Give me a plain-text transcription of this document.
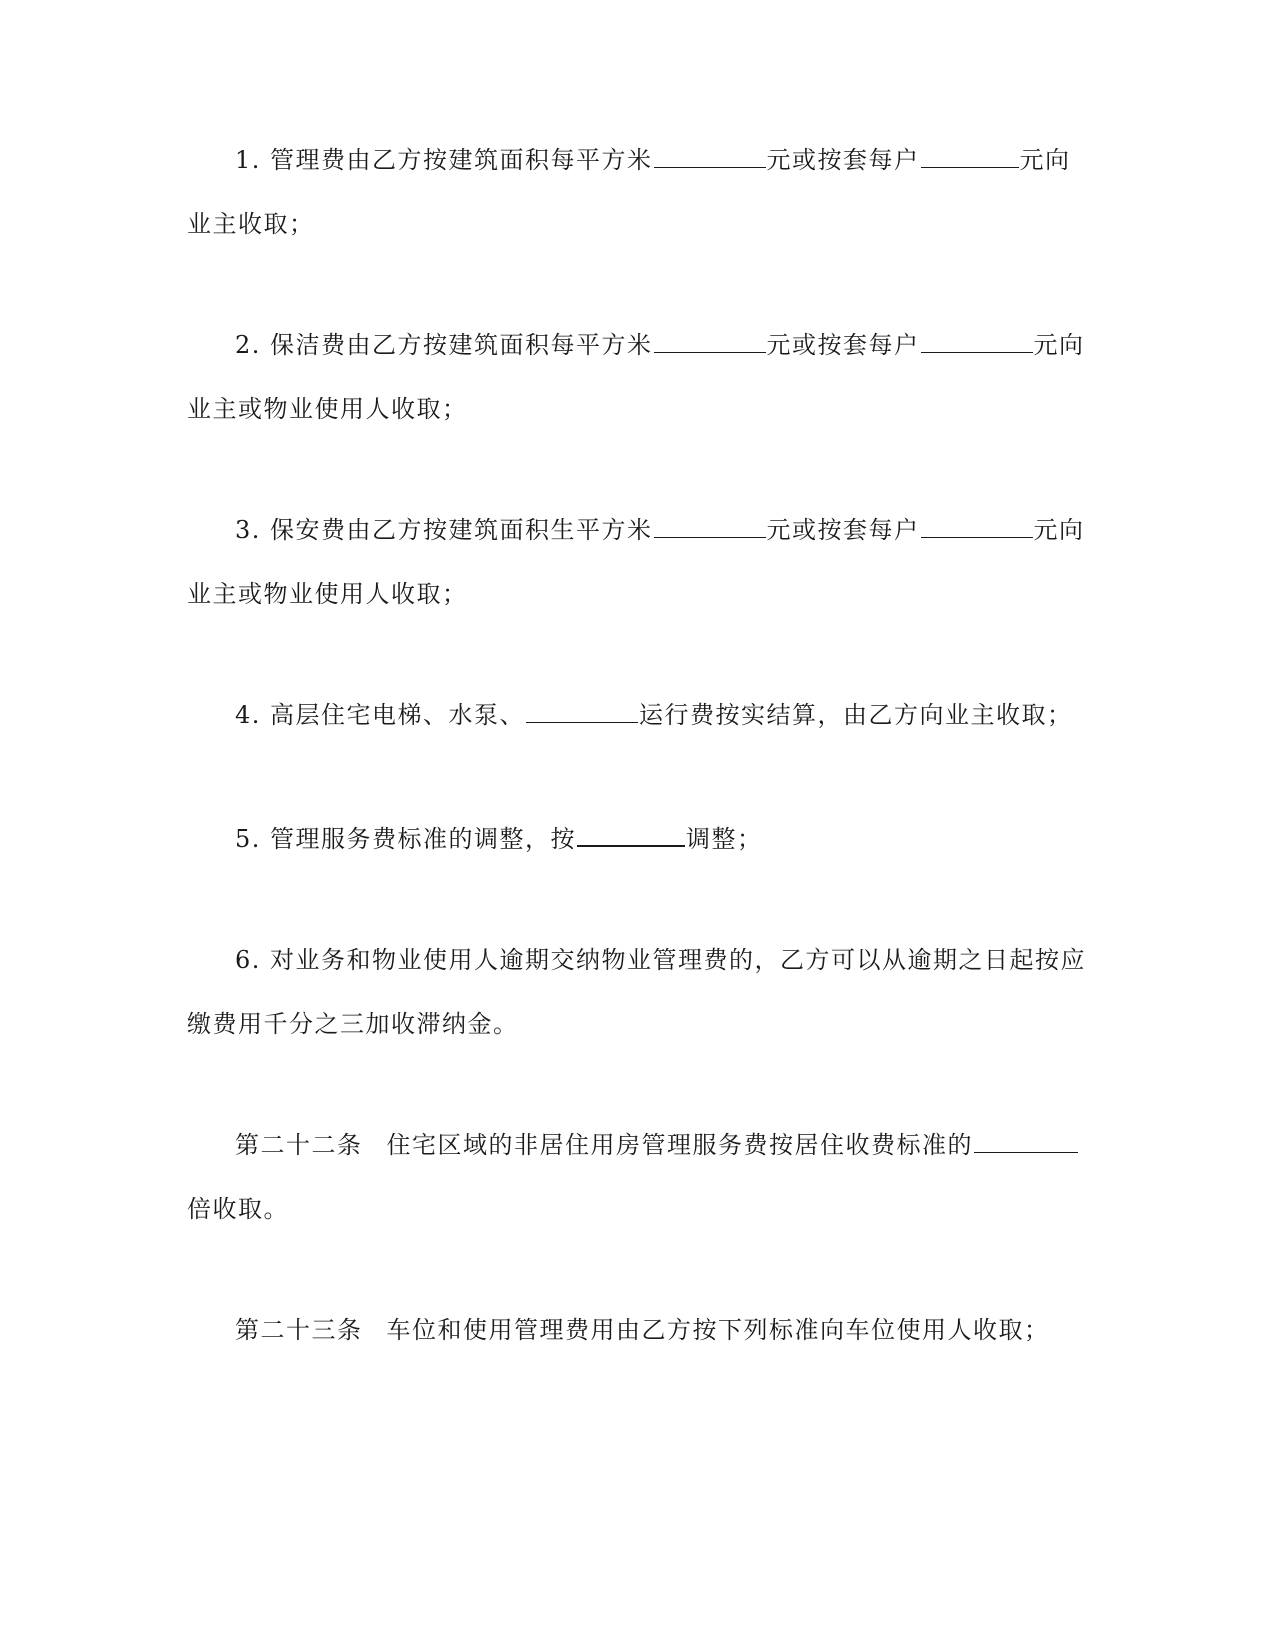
1. 管理费由乙方按建筑面积每平方米	元或按套每户	元向业主收取；

2. 保洁费由乙方按建筑面积每平方米	元或按套每户	元向业主或物业使用人收取；

3. 保安费由乙方按建筑面积生平方米	元或按套每户	元向业主或物业使用人收取；

4. 高层住宅电梯、水泵、	运行费按实结算，由乙方向业主收取；

5. 管理服务费标准的调整，按	调整；

6. 对业务和物业使用人逾期交纳物业管理费的，乙方可以从逾期之日起按应缴费用千分之三加收滞纳金。

第二十二条 住宅区域的非居住用房管理服务费按居住收费标准的倍收取。

第二十三条 车位和使用管理费用由乙方按下列标准向车位使用人收取；
